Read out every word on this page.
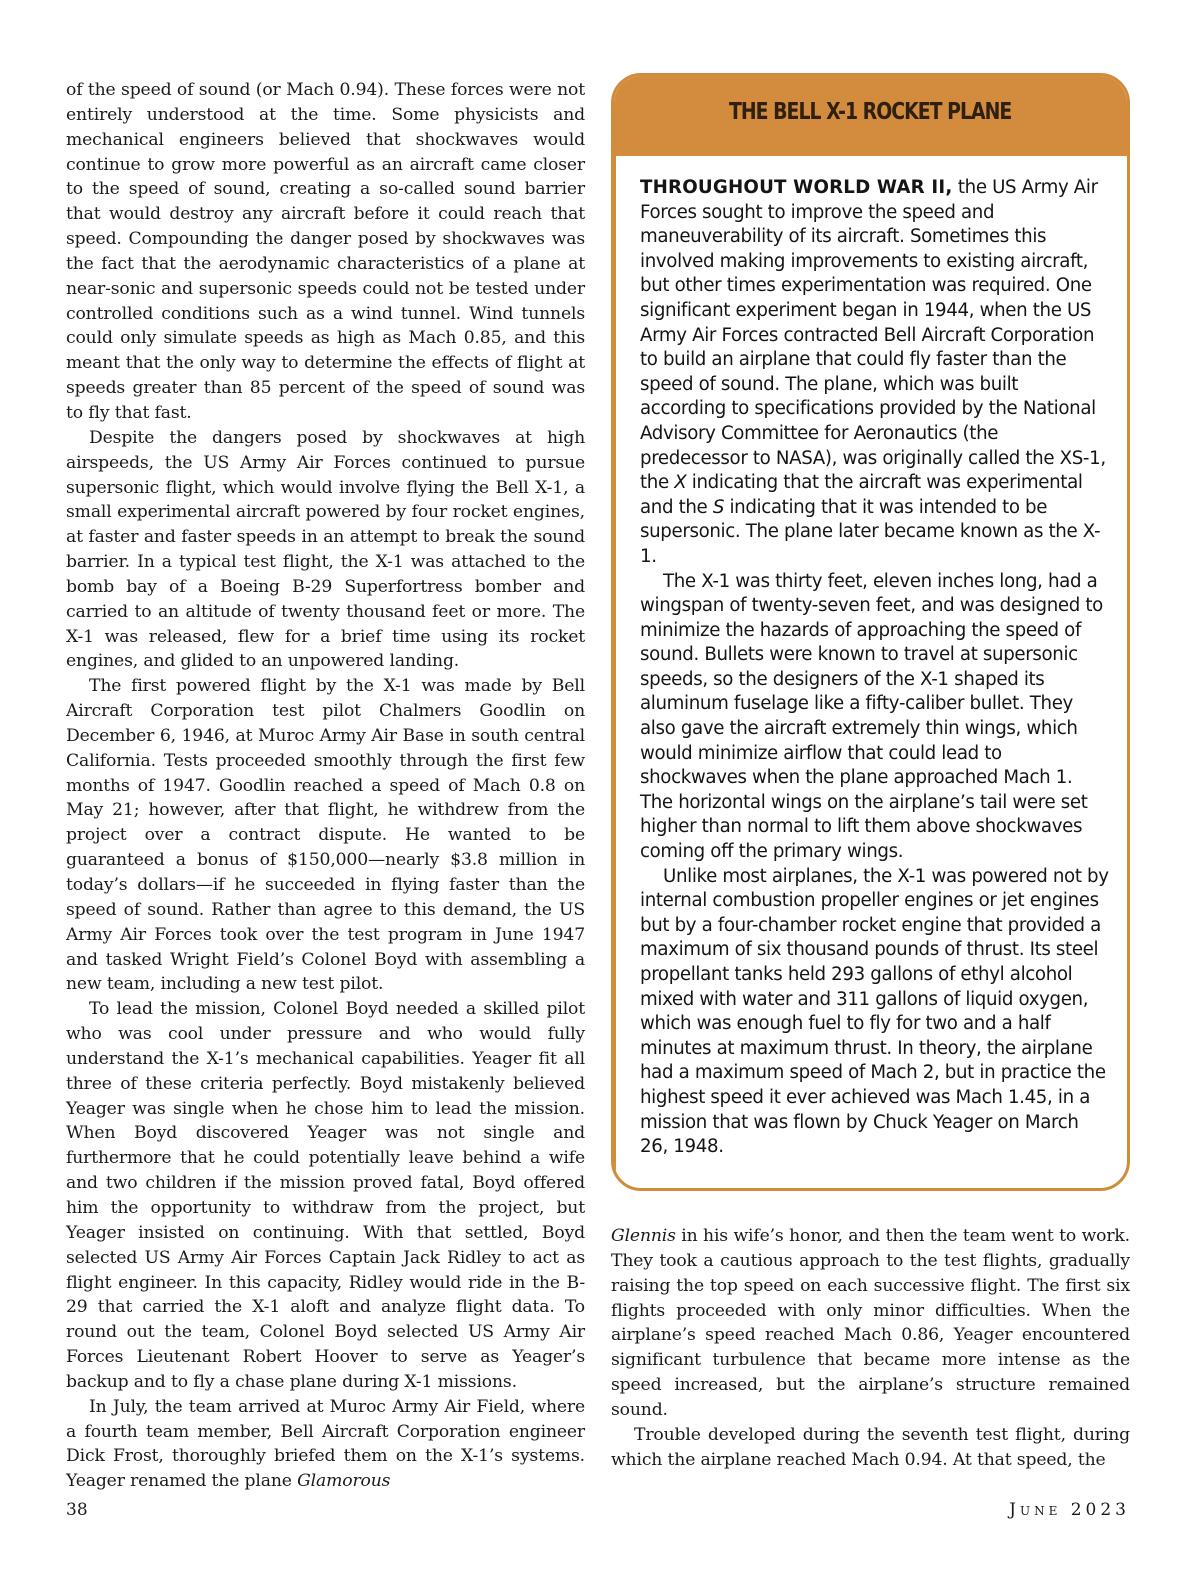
of the speed of sound (or Mach 0.94). These forces were not entirely understood at the time. Some physicists and mechanical engineers believed that shockwaves would continue to grow more powerful as an aircraft came closer to the speed of sound, creating a so-called sound barrier that would destroy any aircraft before it could reach that speed. Compounding the danger posed by shockwaves was the fact that the aerodynamic characteristics of a plane at near-sonic and supersonic speeds could not be tested under controlled conditions such as a wind tunnel. Wind tunnels could only simulate speeds as high as Mach 0.85, and this meant that the only way to determine the effects of flight at speeds greater than 85 percent of the speed of sound was to fly that fast.

Despite the dangers posed by shockwaves at high airspeeds, the US Army Air Forces continued to pursue supersonic flight, which would involve flying the Bell X-1, a small experimental aircraft powered by four rocket engines, at faster and faster speeds in an attempt to break the sound barrier. In a typical test flight, the X-1 was attached to the bomb bay of a Boeing B-29 Superfortress bomber and carried to an altitude of twenty thousand feet or more. The X-1 was released, flew for a brief time using its rocket engines, and glided to an unpowered landing.

The first powered flight by the X-1 was made by Bell Aircraft Corporation test pilot Chalmers Goodlin on December 6, 1946, at Muroc Army Air Base in south central California. Tests proceeded smoothly through the first few months of 1947. Goodlin reached a speed of Mach 0.8 on May 21; however, after that flight, he withdrew from the project over a contract dispute. He wanted to be guaranteed a bonus of $150,000—nearly $3.8 million in today’s dollars—if he succeeded in flying faster than the speed of sound. Rather than agree to this demand, the US Army Air Forces took over the test program in June 1947 and tasked Wright Field’s Colonel Boyd with assembling a new team, including a new test pilot.

To lead the mission, Colonel Boyd needed a skilled pilot who was cool under pressure and who would fully understand the X-1’s mechanical capabilities. Yeager fit all three of these criteria perfectly. Boyd mistakenly believed Yeager was single when he chose him to lead the mission. When Boyd discovered Yeager was not single and furthermore that he could potentially leave behind a wife and two children if the mission proved fatal, Boyd offered him the opportunity to withdraw from the project, but Yeager insisted on continuing. With that settled, Boyd selected US Army Air Forces Captain Jack Ridley to act as flight engineer. In this capacity, Ridley would ride in the B-29 that carried the X-1 aloft and analyze flight data. To round out the team, Colonel Boyd selected US Army Air Forces Lieutenant Robert Hoover to serve as Yeager’s backup and to fly a chase plane during X-1 missions.

In July, the team arrived at Muroc Army Air Field, where a fourth team member, Bell Aircraft Corporation engineer Dick Frost, thoroughly briefed them on the X-1’s systems. Yeager renamed the plane Glamorous

THE BELL X-1 ROCKET PLANE

THROUGHOUT WORLD WAR II, the US Army Air Forces sought to improve the speed and maneuverability of its aircraft. Sometimes this involved making improvements to existing aircraft, but other times experimentation was required. One significant experiment began in 1944, when the US Army Air Forces contracted Bell Aircraft Corporation to build an airplane that could fly faster than the speed of sound. The plane, which was built according to specifications provided by the National Advisory Committee for Aeronautics (the predecessor to NASA), was originally called the XS-1, the X indicating that the aircraft was experimental and the S indicating that it was intended to be supersonic. The plane later became known as the X-1.

The X-1 was thirty feet, eleven inches long, had a wingspan of twenty-seven feet, and was designed to minimize the hazards of approaching the speed of sound. Bullets were known to travel at supersonic speeds, so the designers of the X-1 shaped its aluminum fuselage like a fifty-caliber bullet. They also gave the aircraft extremely thin wings, which would minimize airflow that could lead to shockwaves when the plane approached Mach 1. The horizontal wings on the airplane’s tail were set higher than normal to lift them above shockwaves coming off the primary wings.

Unlike most airplanes, the X-1 was powered not by internal combustion propeller engines or jet engines but by a four-chamber rocket engine that provided a maximum of six thousand pounds of thrust. Its steel propellant tanks held 293 gallons of ethyl alcohol mixed with water and 311 gallons of liquid oxygen, which was enough fuel to fly for two and a half minutes at maximum thrust. In theory, the airplane had a maximum speed of Mach 2, but in practice the highest speed it ever achieved was Mach 1.45, in a mission that was flown by Chuck Yeager on March 26, 1948.

Glennis in his wife’s honor, and then the team went to work. They took a cautious approach to the test flights, gradually raising the top speed on each successive flight. The first six flights proceeded with only minor difficulties. When the airplane’s speed reached Mach 0.86, Yeager encountered significant turbulence that became more intense as the speed increased, but the airplane’s structure remained sound.

Trouble developed during the seventh test flight, during which the airplane reached Mach 0.94. At that speed, the

38	June 2023
